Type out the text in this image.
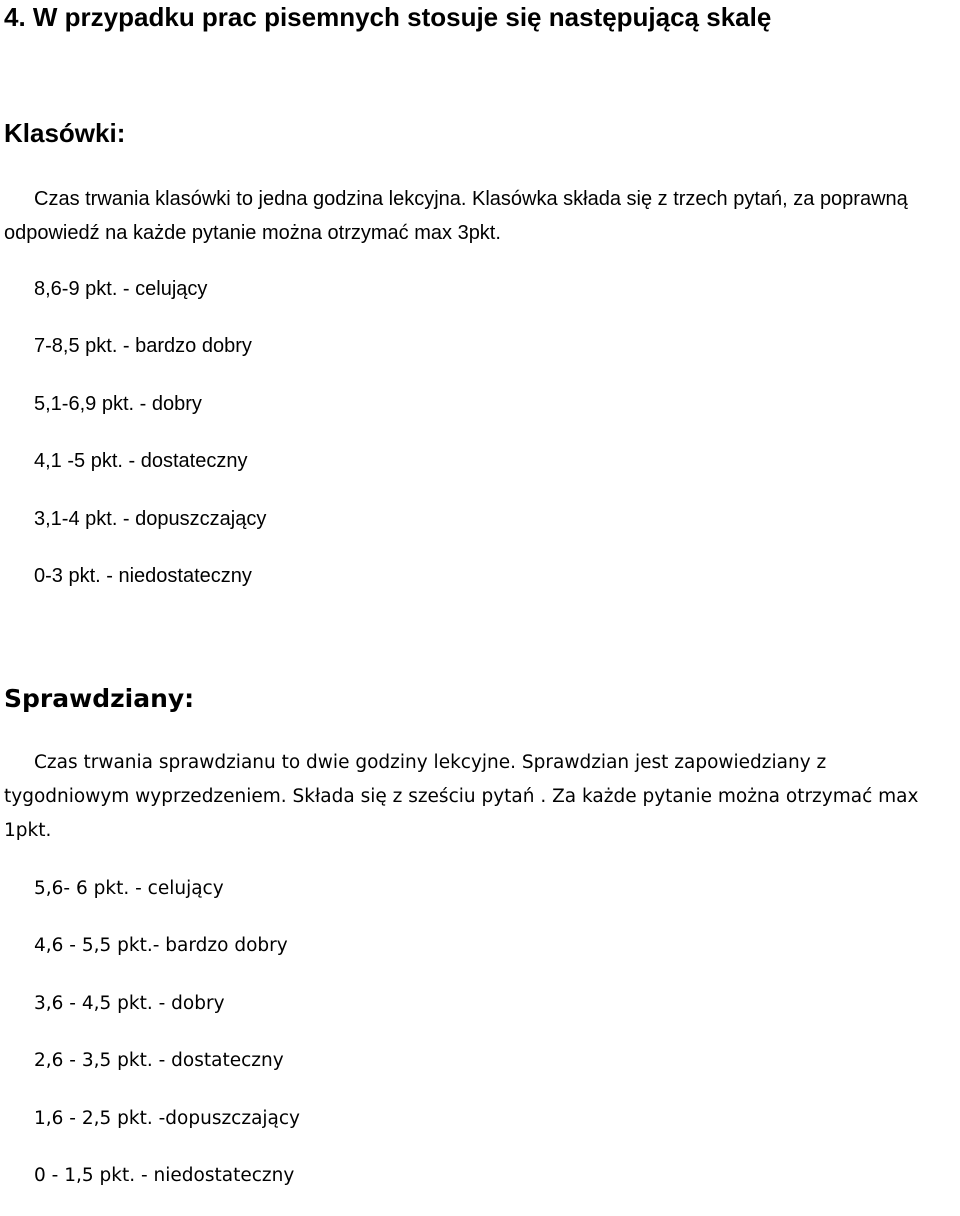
4. W przypadku prac pisemnych stosuje się następującą skalę
Klasówki:

Czas trwania klasówki to jedna godzina lekcyjna. Klasówka składa się z trzech pytań, za poprawną odpowiedź na każde pytanie można otrzymać max 3pkt.

8,6-9 pkt. - celujący
7-8,5 pkt. - bardzo dobry
5,1-6,9 pkt. - dobry
4,1 -5 pkt. - dostateczny
3,1-4 pkt. - dopuszczający
0-3 pkt. - niedostateczny
Sprawdziany:

Czas trwania sprawdzianu to dwie godziny lekcyjne. Sprawdzian jest zapowiedziany z tygodniowym wyprzedzeniem. Składa się z sześciu pytań . Za każde pytanie można otrzymać max 1pkt.

5,6- 6 pkt. - celujący
4,6 - 5,5 pkt.- bardzo dobry
3,6 - 4,5 pkt. - dobry
2,6 - 3,5 pkt. - dostateczny
1,6 - 2,5 pkt. -dopuszczający
0 - 1,5 pkt. - niedostateczny
